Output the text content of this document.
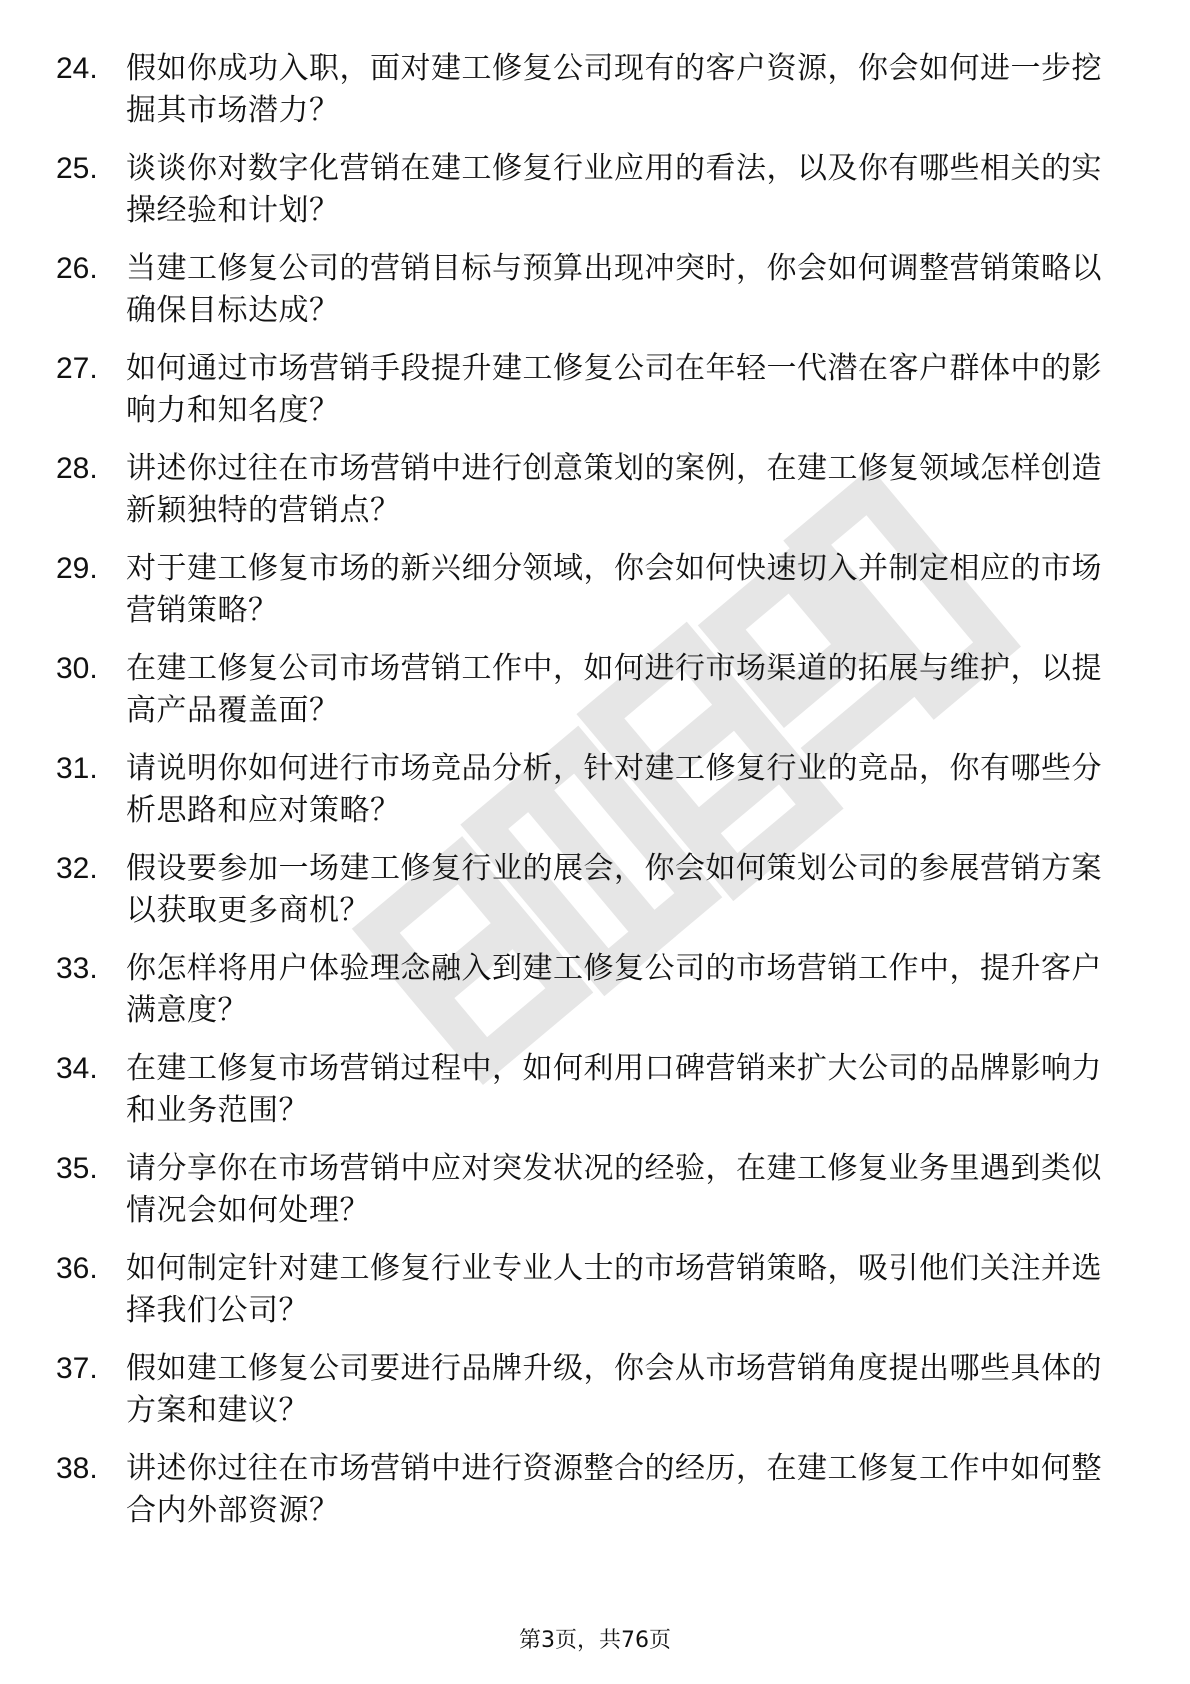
24. 假如你成功入职，面对建工修复公司现有的客户资源，你会如何进一步挖掘其市场潜力？
25. 谈谈你对数字化营销在建工修复行业应用的看法，以及你有哪些相关的实操经验和计划？
26. 当建工修复公司的营销目标与预算出现冲突时，你会如何调整营销策略以确保目标达成？
27. 如何通过市场营销手段提升建工修复公司在年轻一代潜在客户群体中的影响力和知名度？
28. 讲述你过往在市场营销中进行创意策划的案例，在建工修复领域怎样创造新颖独特的营销点？
29. 对于建工修复市场的新兴细分领域，你会如何快速切入并制定相应的市场营销策略？
30. 在建工修复公司市场营销工作中，如何进行市场渠道的拓展与维护，以提高产品覆盖面？
31. 请说明你如何进行市场竞品分析，针对建工修复行业的竞品，你有哪些分析思路和应对策略？
32. 假设要参加一场建工修复行业的展会，你会如何策划公司的参展营销方案以获取更多商机？
33. 你怎样将用户体验理念融入到建工修复公司的市场营销工作中，提升客户满意度？
34. 在建工修复市场营销过程中，如何利用口碑营销来扩大公司的品牌影响力和业务范围？
35. 请分享你在市场营销中应对突发状况的经验，在建工修复业务里遇到类似情况会如何处理？
36. 如何制定针对建工修复行业专业人士的市场营销策略，吸引他们关注并选择我们公司？
37. 假如建工修复公司要进行品牌升级，你会从市场营销角度提出哪些具体的方案和建议？
38. 讲述你过往在市场营销中进行资源整合的经历，在建工修复工作中如何整合内外部资源？
第3页，共76页
